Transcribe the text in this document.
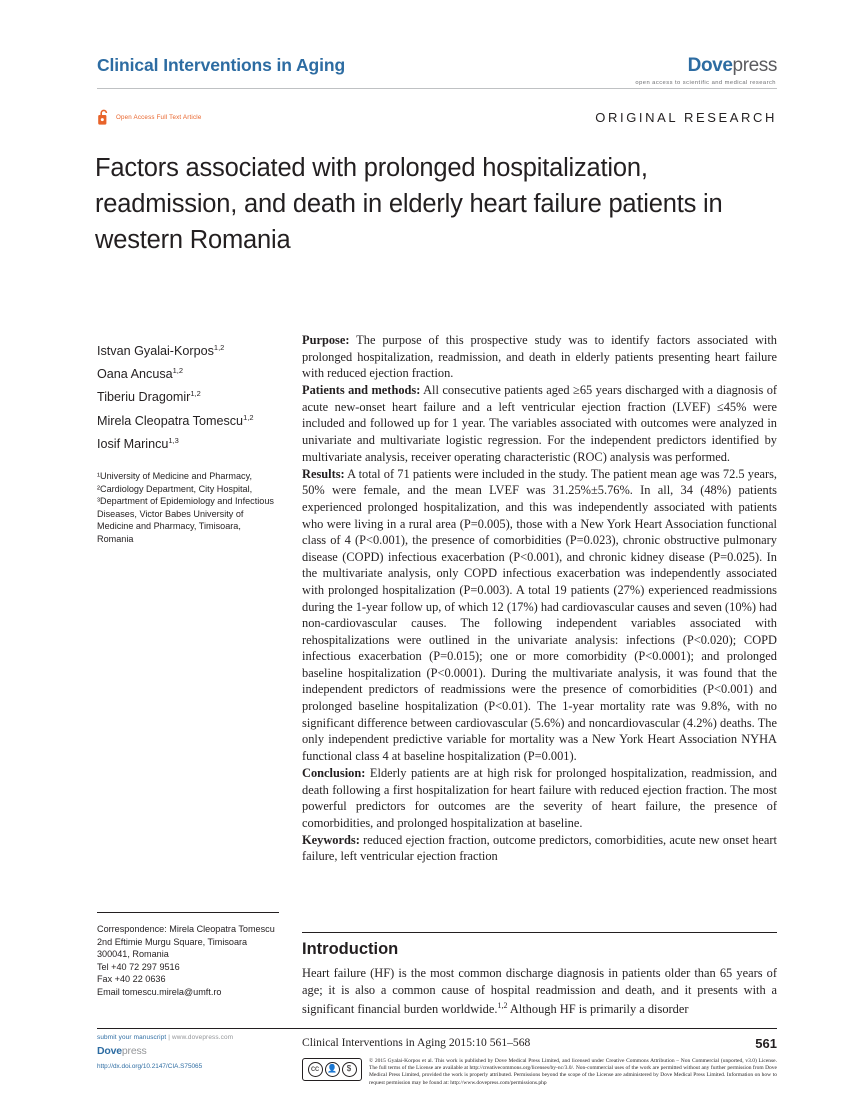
Clinical Interventions in Aging	Dovepress
open access to scientific and medical research
Open Access Full Text Article	ORIGINAL RESEARCH
Factors associated with prolonged hospitalization, readmission, and death in elderly heart failure patients in western Romania
Istvan Gyalai-Korpos$^{1,2}$
Oana Ancusa$^{1,2}$
Tiberiu Dragomir$^{1,2}$
Mirela Cleopatra Tomescu$^{1,2}$
Iosif Marincu$^{1,3}$
¹University of Medicine and Pharmacy, ²Cardiology Department, City Hospital, ³Department of Epidemiology and Infectious Diseases, Victor Babes University of Medicine and Pharmacy, Timisoara, Romania
Correspondence: Mirela Cleopatra Tomescu
2nd Eftimie Murgu Square, Timisoara
300041, Romania
Tel +40 72 297 9516
Fax +40 22 0636
Email tomescu.mirela@umft.ro

Purpose: The purpose of this prospective study was to identify factors associated with prolonged hospitalization, readmission, and death in elderly patients presenting heart failure with reduced ejection fraction.

Patients and methods: All consecutive patients aged ≥65 years discharged with a diagnosis of acute new-onset heart failure and a left ventricular ejection fraction (LVEF) ≤45% were included and followed up for 1 year. The variables associated with outcomes were analyzed in univariate and multivariate logistic regression. For the independent predictors identified by multivariate analysis, receiver operating characteristic (ROC) analysis was performed.

Results: A total of 71 patients were included in the study. The patient mean age was 72.5 years, 50% were female, and the mean LVEF was 31.25%±5.76%. In all, 34 (48%) patients experienced prolonged hospitalization, and this was independently associated with patients who were living in a rural area (P=0.005), those with a New York Heart Association functional class of 4 (P<0.001), the presence of comorbidities (P=0.023), chronic obstructive pulmonary disease (COPD) infectious exacerbation (P<0.001), and chronic kidney disease (P=0.025). In the multivariate analysis, only COPD infectious exacerbation was independently associated with prolonged hospitalization (P=0.003). A total 19 patients (27%) experienced readmissions during the 1-year follow up, of which 12 (17%) had cardiovascular causes and seven (10%) had non-cardiovascular causes. The following independent variables associated with rehospitalizations were outlined in the univariate analysis: infections (P<0.020); COPD infectious exacerbation (P=0.015); one or more comorbidity (P<0.0001); and prolonged baseline hospitalization (P<0.0001). During the multivariate analysis, it was found that the independent predictors of readmissions were the presence of comorbidities (P<0.001) and prolonged baseline hospitalization (P<0.01). The 1-year mortality rate was 9.8%, with no significant difference between cardiovascular (5.6%) and noncardiovascular (4.2%) deaths. The only independent predictive variable for mortality was a New York Heart Association NYHA functional class 4 at baseline hospitalization (P=0.001).

Conclusion: Elderly patients are at high risk for prolonged hospitalization, readmission, and death following a first hospitalization for heart failure with reduced ejection fraction. The most powerful predictors for outcomes are the severity of heart failure, the presence of comorbidities, and prolonged hospitalization at baseline.

Keywords: reduced ejection fraction, outcome predictors, comorbidities, acute new onset heart failure, left ventricular ejection fraction

Introduction
Heart failure (HF) is the most common discharge diagnosis in patients older than 65 years of age; it is also a common cause of hospital readmission and death, and it presents with a significant financial burden worldwide.$^{1,2}$ Although HF is primarily a disorder
submit your manuscript | www.dovepress.com
Dovepress
http://dx.doi.org/10.2147/CIA.S75065
Clinical Interventions in Aging 2015:10 561–568	561
cc	👤	$
© 2015 Gyalai-Korpos et al. This work is published by Dove Medical Press Limited, and licensed under Creative Commons Attribution – Non Commercial (unported, v3.0) License. The full terms of the License are available at http://creativecommons.org/licenses/by-nc/3.0/. Non-commercial uses of the work are permitted without any further permission from Dove Medical Press Limited, provided the work is properly attributed. Permissions beyond the scope of the License are administered by Dove Medical Press Limited. Information on how to request permission may be found at: http://www.dovepress.com/permissions.php
